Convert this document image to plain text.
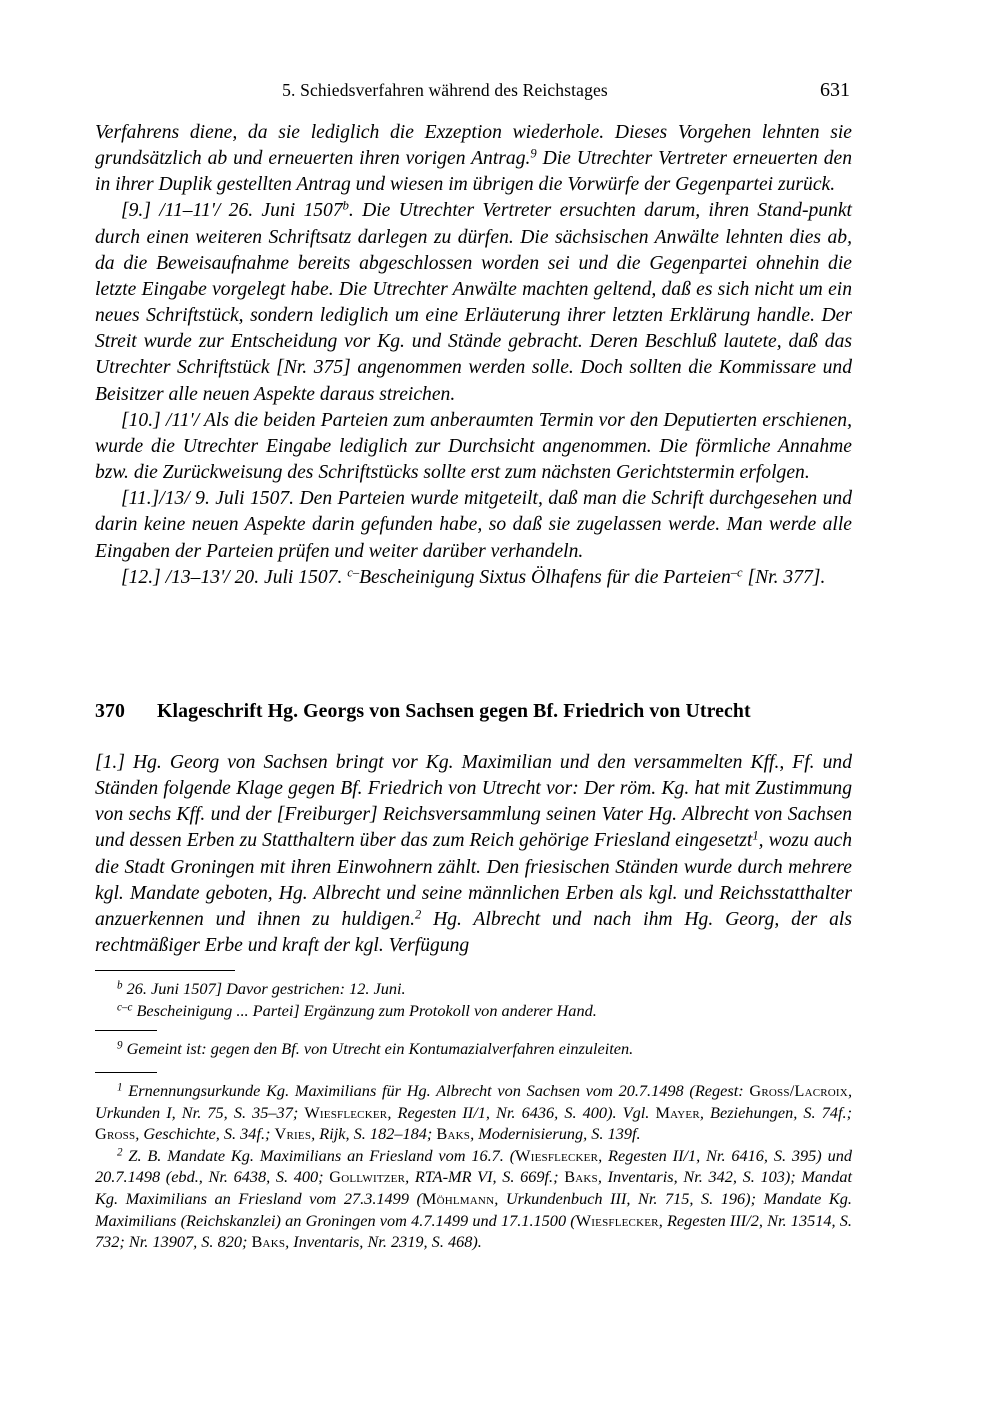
5. Schiedsverfahren während des Reichstages	631

Verfahrens diene, da sie lediglich die Exzeption wiederhole. Dieses Vorgehen lehnten sie grundsätzlich ab und erneuerten ihren vorigen Antrag.$^9$ Die Utrechter Vertreter erneuerten den in ihrer Duplik gestellten Antrag und wiesen im übrigen die Vorwürfe der Gegenpartei zurück.

[9.] /11–11'/ 26. Juni 1507$^b$. Die Utrechter Vertreter ersuchten darum, ihren Stand-punkt durch einen weiteren Schriftsatz darlegen zu dürfen. Die sächsischen Anwälte lehnten dies ab, da die Beweisaufnahme bereits abgeschlossen worden sei und die Gegenpartei ohnehin die letzte Eingabe vorgelegt habe. Die Utrechter Anwälte machten geltend, daß es sich nicht um ein neues Schriftstück, sondern lediglich um eine Erläuterung ihrer letzten Erklärung handle. Der Streit wurde zur Entscheidung vor Kg. und Stände gebracht. Deren Beschluß lautete, daß das Utrechter Schriftstück [Nr. 375] angenommen werden solle. Doch sollten die Kommissare und Beisitzer alle neuen Aspekte daraus streichen.

[10.] /11'/ Als die beiden Parteien zum anberaumten Termin vor den Deputierten erschienen, wurde die Utrechter Eingabe lediglich zur Durchsicht angenommen. Die förmliche Annahme bzw. die Zurückweisung des Schriftstücks sollte erst zum nächsten Gerichtstermin erfolgen.

[11.]/13/ 9. Juli 1507. Den Parteien wurde mitgeteilt, daß man die Schrift durchgesehen und darin keine neuen Aspekte darin gefunden habe, so daß sie zugelassen werde. Man werde alle Eingaben der Parteien prüfen und weiter darüber verhandeln.

[12.] /13–13'/ 20. Juli 1507. $^{c-}$Bescheinigung Sixtus Ölhafens für die Parteien$^{-c}$ [Nr. 377].

370 Klageschrift Hg. Georgs von Sachsen gegen Bf. Friedrich von Utrecht

[1.] Hg. Georg von Sachsen bringt vor Kg. Maximilian und den versammelten Kff., Ff. und Ständen folgende Klage gegen Bf. Friedrich von Utrecht vor: Der röm. Kg. hat mit Zustimmung von sechs Kff. und der [Freiburger] Reichsversammlung seinen Vater Hg. Albrecht von Sachsen und dessen Erben zu Statthaltern über das zum Reich gehörige Friesland eingesetzt$^1$, wozu auch die Stadt Groningen mit ihren Einwohnern zählt. Den friesischen Ständen wurde durch mehrere kgl. Mandate geboten, Hg. Albrecht und seine männlichen Erben als kgl. und Reichsstatthalter anzuerkennen und ihnen zu huldigen.$^2$ Hg. Albrecht und nach ihm Hg. Georg, der als rechtmäßiger Erbe und kraft der kgl. Verfügung

$^b$ 26. Juni 1507] Davor gestrichen: 12. Juni.

$^{c-c}$ Bescheinigung ... Partei] Ergänzung zum Protokoll von anderer Hand.

$^9$ Gemeint ist: gegen den Bf. von Utrecht ein Kontumazialverfahren einzuleiten.

$^1$ Ernennungsurkunde Kg. Maximilians für Hg. Albrecht von Sachsen vom 20.7.1498 (Regest: Gross/Lacroix, Urkunden I, Nr. 75, S. 35–37; Wiesflecker, Regesten II/1, Nr. 6436, S. 400). Vgl. Mayer, Beziehungen, S. 74f.; Gross, Geschichte, S. 34f.; Vries, Rijk, S. 182–184; Baks, Modernisierung, S. 139f.

$^2$ Z. B. Mandate Kg. Maximilians an Friesland vom 16.7. (Wiesflecker, Regesten II/1, Nr. 6416, S. 395) und 20.7.1498 (ebd., Nr. 6438, S. 400; Gollwitzer, RTA-MR VI, S. 669f.; Baks, Inventaris, Nr. 342, S. 103); Mandat Kg. Maximilians an Friesland vom 27.3.1499 (Möhlmann, Urkundenbuch III, Nr. 715, S. 196); Mandate Kg. Maximilians (Reichskanzlei) an Groningen vom 4.7.1499 und 17.1.1500 (Wiesflecker, Regesten III/2, Nr. 13514, S. 732; Nr. 13907, S. 820; Baks, Inventaris, Nr. 2319, S. 468).
